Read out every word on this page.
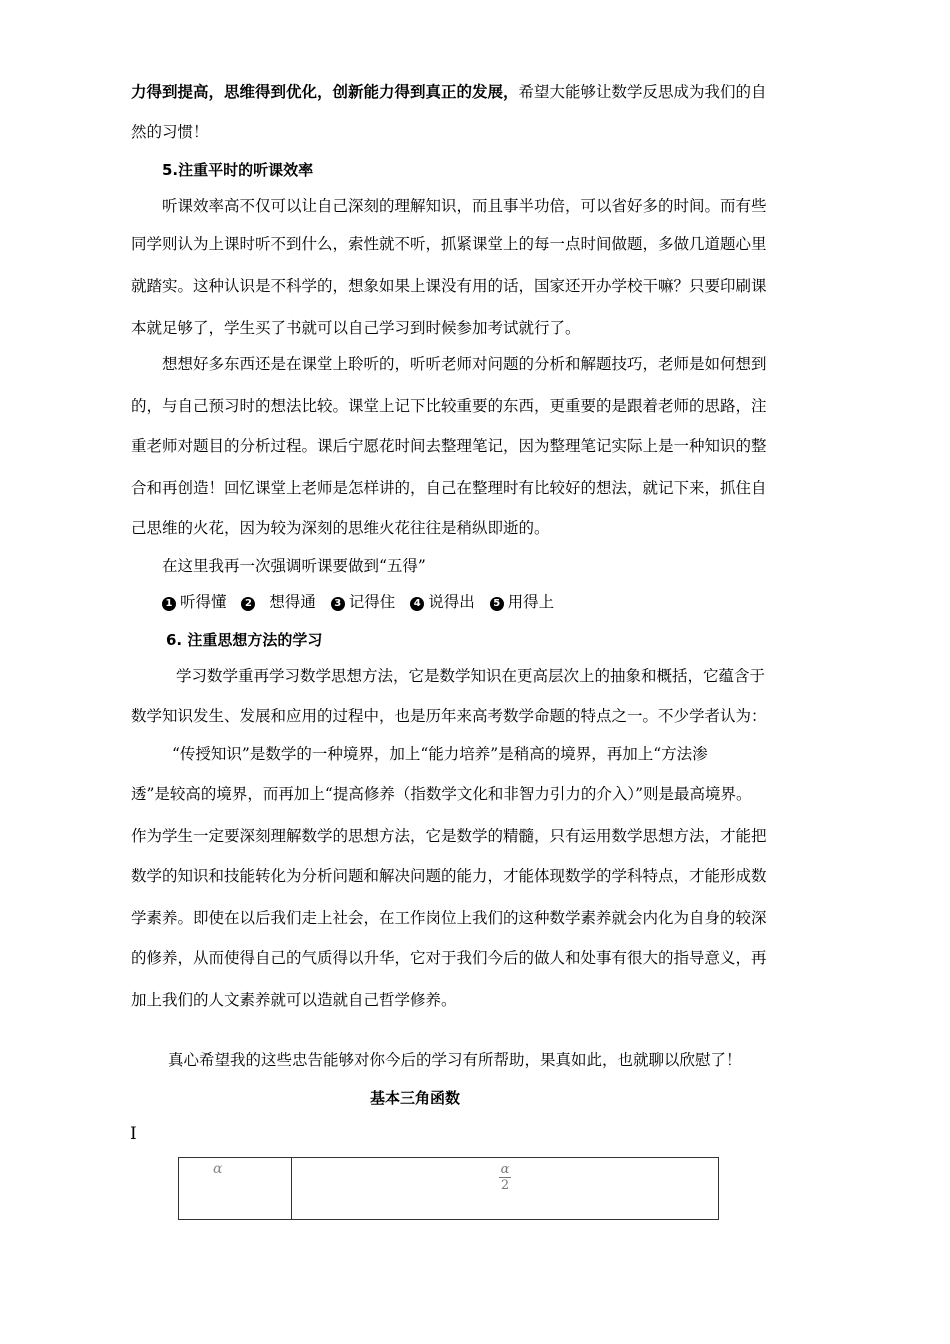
力得到提高，思维得到优化，创新能力得到真正的发展，希望大能够让数学反思成为我们的自
然的习惯！
5.注重平时的听课效率
听课效率高不仅可以让自己深刻的理解知识，而且事半功倍，可以省好多的时间。而有些
同学则认为上课时听不到什么，索性就不听，抓紧课堂上的每一点时间做题，多做几道题心里
就踏实。这种认识是不科学的，想象如果上课没有用的话，国家还开办学校干嘛？只要印刷课
本就足够了，学生买了书就可以自己学习到时候参加考试就行了。
想想好多东西还是在课堂上聆听的，听听老师对问题的分析和解题技巧，老师是如何想到
的，与自己预习时的想法比较。课堂上记下比较重要的东西，更重要的是跟着老师的思路，注
重老师对题目的分析过程。课后宁愿花时间去整理笔记，因为整理笔记实际上是一种知识的整
合和再创造！回忆课堂上老师是怎样讲的，自己在整理时有比较好的想法，就记下来，抓住自
己思维的火花，因为较为深刻的思维火花往往是稍纵即逝的。
在这里我再一次强调听课要做到“五得”
1 听得懂 2 想得通 3 记得住 4 说得出 5 用得上
6. 注重思想方法的学习
学习数学重再学习数学思想方法，它是数学知识在更高层次上的抽象和概括，它蕴含于
数学知识发生、发展和应用的过程中，也是历年来高考数学命题的特点之一。不少学者认为：
“传授知识”是数学的一种境界，加上“能力培养”是稍高的境界，再加上“方法渗
透”是较高的境界，而再加上“提高修养（指数学文化和非智力引力的介入）”则是最高境界。
作为学生一定要深刻理解数学的思想方法，它是数学的精髓，只有运用数学思想方法，才能把
数学的知识和技能转化为分析问题和解决问题的能力，才能体现数学的学科特点，才能形成数
学素养。即使在以后我们走上社会，在工作岗位上我们的这种数学素养就会内化为自身的较深
的修养，从而使得自己的气质得以升华，它对于我们今后的做人和处事有很大的指导意义，再
加上我们的人文素养就可以造就自己哲学修养。
真心希望我的这些忠告能够对你今后的学习有所帮助，果真如此，也就聊以欣慰了！
基本三角函数
I
α	$\frac{\alpha}{2}$
